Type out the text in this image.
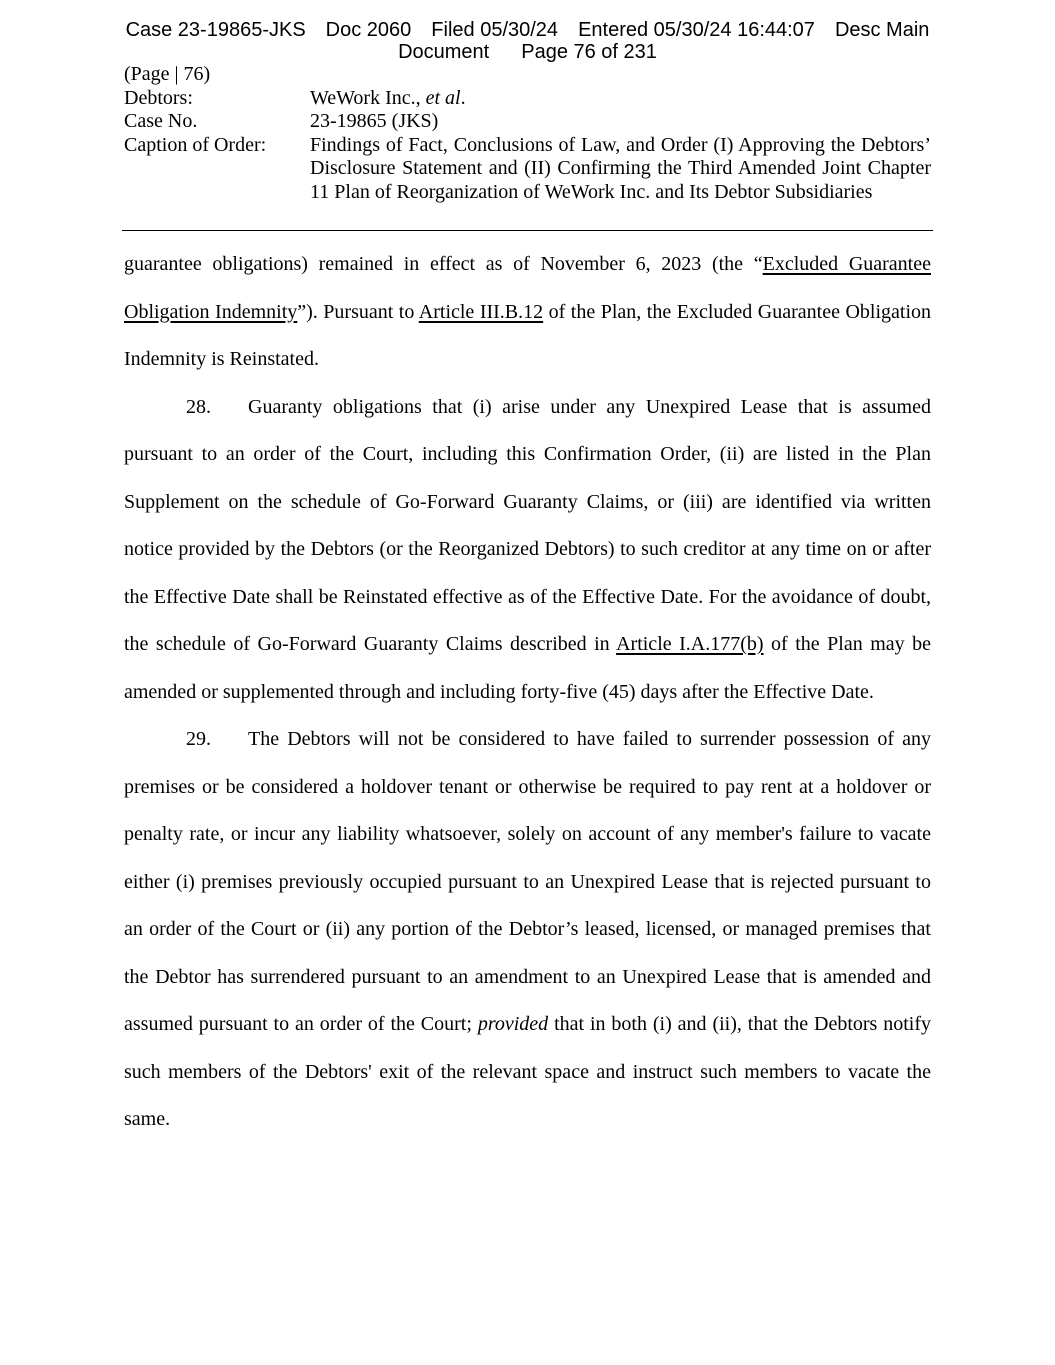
Case 23-19865-JKS Doc 2060 Filed 05/30/24 Entered 05/30/24 16:44:07 Desc Main
Document Page 76 of 231
(Page | 76)
Debtors:	WeWork Inc., et al.
Case No.	23-19865 (JKS)
Caption of Order:	Findings of Fact, Conclusions of Law, and Order (I) Approving the Debtors’ Disclosure Statement and (II) Confirming the Third Amended Joint Chapter 11 Plan of Reorganization of WeWork Inc. and Its Debtor Subsidiaries

guarantee obligations) remained in effect as of November 6, 2023 (the “Excluded Guarantee Obligation Indemnity”). Pursuant to Article III.B.12 of the Plan, the Excluded Guarantee Obligation Indemnity is Reinstated.

28. Guaranty obligations that (i) arise under any Unexpired Lease that is assumed pursuant to an order of the Court, including this Confirmation Order, (ii) are listed in the Plan Supplement on the schedule of Go-Forward Guaranty Claims, or (iii) are identified via written notice provided by the Debtors (or the Reorganized Debtors) to such creditor at any time on or after the Effective Date shall be Reinstated effective as of the Effective Date. For the avoidance of doubt, the schedule of Go-Forward Guaranty Claims described in Article I.A.177(b) of the Plan may be amended or supplemented through and including forty-five (45) days after the Effective Date.

29. The Debtors will not be considered to have failed to surrender possession of any premises or be considered a holdover tenant or otherwise be required to pay rent at a holdover or penalty rate, or incur any liability whatsoever, solely on account of any member's failure to vacate either (i) premises previously occupied pursuant to an Unexpired Lease that is rejected pursuant to an order of the Court or (ii) any portion of the Debtor’s leased, licensed, or managed premises that the Debtor has surrendered pursuant to an amendment to an Unexpired Lease that is amended and assumed pursuant to an order of the Court; provided that in both (i) and (ii), that the Debtors notify such members of the Debtors' exit of the relevant space and instruct such members to vacate the same.
